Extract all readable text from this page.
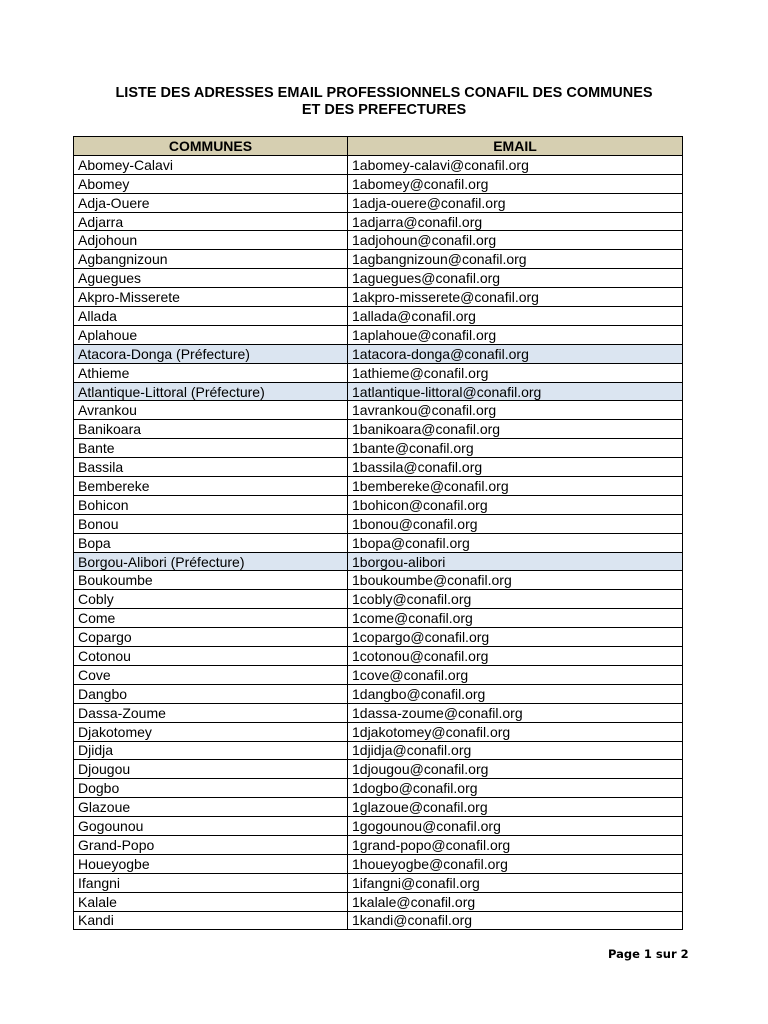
LISTE DES ADRESSES EMAIL PROFESSIONNELS CONAFIL DES COMMUNES
ET DES PREFECTURES
COMMUNES	EMAIL
Abomey-Calavi	1abomey-calavi@conafil.org
Abomey	1abomey@conafil.org
Adja-Ouere	1adja-ouere@conafil.org
Adjarra	1adjarra@conafil.org
Adjohoun	1adjohoun@conafil.org
Agbangnizoun	1agbangnizoun@conafil.org
Aguegues	1aguegues@conafil.org
Akpro-Misserete	1akpro-misserete@conafil.org
Allada	1allada@conafil.org
Aplahoue	1aplahoue@conafil.org
Atacora-Donga (Préfecture)	1atacora-donga@conafil.org
Athieme	1athieme@conafil.org
Atlantique-Littoral (Préfecture)	1atlantique-littoral@conafil.org
Avrankou	1avrankou@conafil.org
Banikoara	1banikoara@conafil.org
Bante	1bante@conafil.org
Bassila	1bassila@conafil.org
Bembereke	1bembereke@conafil.org
Bohicon	1bohicon@conafil.org
Bonou	1bonou@conafil.org
Bopa	1bopa@conafil.org
Borgou-Alibori (Préfecture)	1borgou-alibori
Boukoumbe	1boukoumbe@conafil.org
Cobly	1cobly@conafil.org
Come	1come@conafil.org
Copargo	1copargo@conafil.org
Cotonou	1cotonou@conafil.org
Cove	1cove@conafil.org
Dangbo	1dangbo@conafil.org
Dassa-Zoume	1dassa-zoume@conafil.org
Djakotomey	1djakotomey@conafil.org
Djidja	1djidja@conafil.org
Djougou	1djougou@conafil.org
Dogbo	1dogbo@conafil.org
Glazoue	1glazoue@conafil.org
Gogounou	1gogounou@conafil.org
Grand-Popo	1grand-popo@conafil.org
Houeyogbe	1houeyogbe@conafil.org
Ifangni	1ifangni@conafil.org
Kalale	1kalale@conafil.org
Kandi	1kandi@conafil.org
Page 1 sur 2
